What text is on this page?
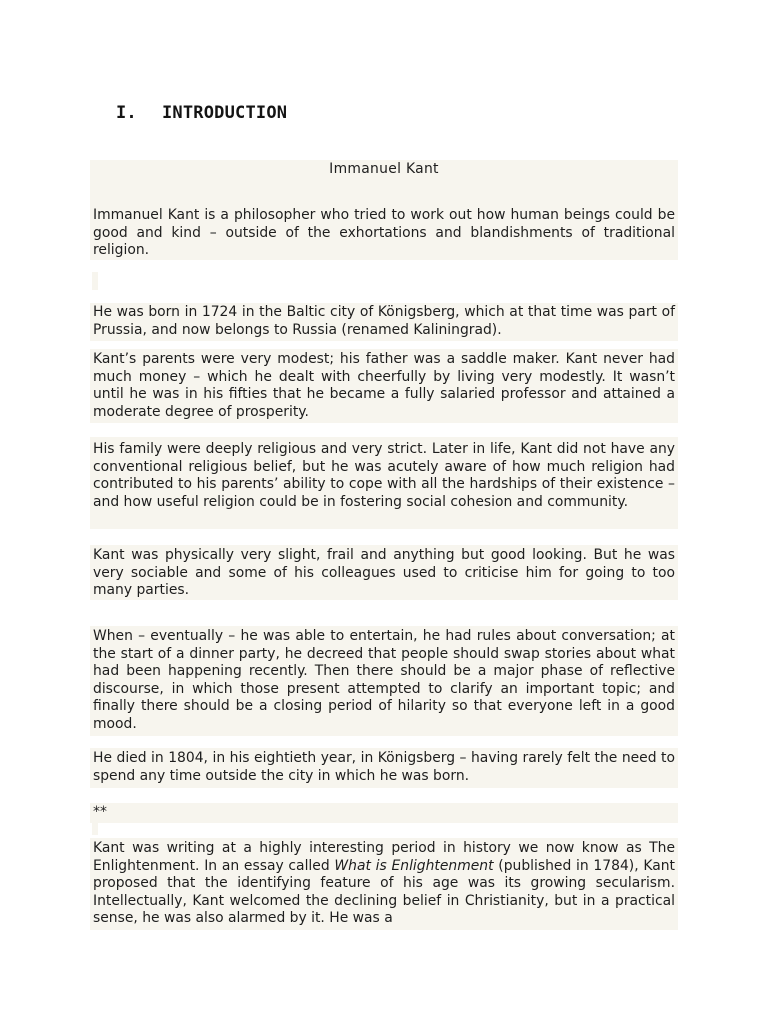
I. INTRODUCTION
Immanuel Kant

Immanuel Kant is a philosopher who tried to work out how human beings could be good and kind – outside of the exhortations and blandishments of traditional religion.

He was born in 1724 in the Baltic city of Königsberg, which at that time was part of Prussia, and now belongs to Russia (renamed Kaliningrad).

Kant’s parents were very modest; his father was a saddle maker. Kant never had much money – which he dealt with cheerfully by living very modestly. It wasn’t until he was in his fifties that he became a fully salaried professor and attained a moderate degree of prosperity.

His family were deeply religious and very strict. Later in life, Kant did not have any conventional religious belief, but he was acutely aware of how much religion had contributed to his parents’ ability to cope with all the hardships of their existence – and how useful religion could be in fostering social cohesion and community.

Kant was physically very slight, frail and anything but good looking. But he was very sociable and some of his colleagues used to criticise him for going to too many parties.

When – eventually – he was able to entertain, he had rules about conversation; at the start of a dinner party, he decreed that people should swap stories about what had been happening recently. Then there should be a major phase of reflective discourse, in which those present attempted to clarify an important topic; and finally there should be a closing period of hilarity so that everyone left in a good mood.

He died in 1804, in his eightieth year, in Königsberg – having rarely felt the need to spend any time outside the city in which he was born.

**

Kant was writing at a highly interesting period in history we now know as The Enlightenment. In an essay called What is Enlightenment (published in 1784), Kant proposed that the identifying feature of his age was its growing secularism. Intellectually, Kant welcomed the declining belief in Christianity, but in a practical sense, he was also alarmed by it. He was a
